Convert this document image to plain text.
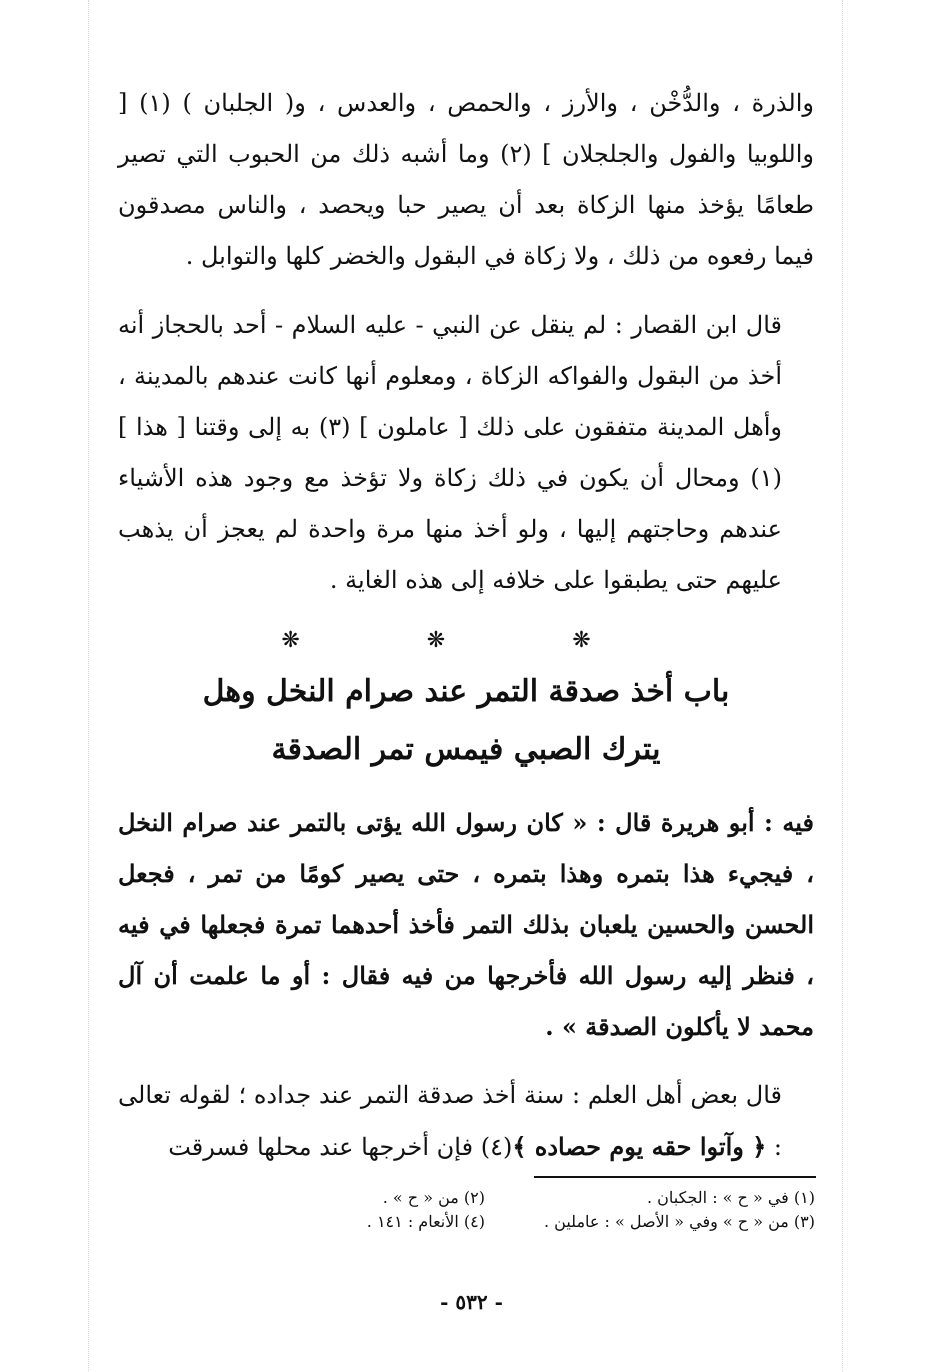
والذرة ، والدُّخْن ، والأرز ، والحمص ، والعدس ، و( الجلبان ) (١) [ واللوبيا والفول والجلجلان ] (٢) وما أشبه ذلك من الحبوب التي تصير طعامًا يؤخذ منها الزكاة بعد أن يصير حبا ويحصد ، والناس مصدقون فيما رفعوه من ذلك ، ولا زكاة في البقول والخضر كلها والتوابل .

قال ابن القصار : لم ينقل عن النبي - عليه السلام - أحد بالحجاز أنه أخذ من البقول والفواكه الزكاة ، ومعلوم أنها كانت عندهم بالمدينة ، وأهل المدينة متفقون على ذلك [ عاملون ] (٣) به إلى وقتنا [ هذا ] (١) ومحال أن يكون في ذلك زكاة ولا تؤخذ مع وجود هذه الأشياء عندهم وحاجتهم إليها ، ولو أخذ منها مرة واحدة لم يعجز أن يذهب عليهم حتى يطبقوا على خلافه إلى هذه الغاية .

❋ ❋ ❋

باب أخذ صدقة التمر عند صرام النخل وهل

يترك الصبي فيمس تمر الصدقة

فيه : أبو هريرة قال : « كان رسول الله يؤتى بالتمر عند صرام النخل ، فيجيء هذا بتمره وهذا بتمره ، حتى يصير كومًا من تمر ، فجعل الحسن والحسين يلعبان بذلك التمر فأخذ أحدهما تمرة فجعلها في فيه ، فنظر إليه رسول الله فأخرجها من فيه فقال : أو ما علمت أن آل محمد لا يأكلون الصدقة » .

قال بعض أهل العلم : سنة أخذ صدقة التمر عند جداده ؛ لقوله تعالى : ﴿ وآتوا حقه يوم حصاده ﴾(٤) فإن أخرجها عند محلها فسرقت

(١) في « ح » : الجكبان .
(٢) من « ح » .
(٣) من « ح » وفي « الأصل » : عاملين .
(٤) الأنعام : ١٤١ .
- ٥٣٢ -
